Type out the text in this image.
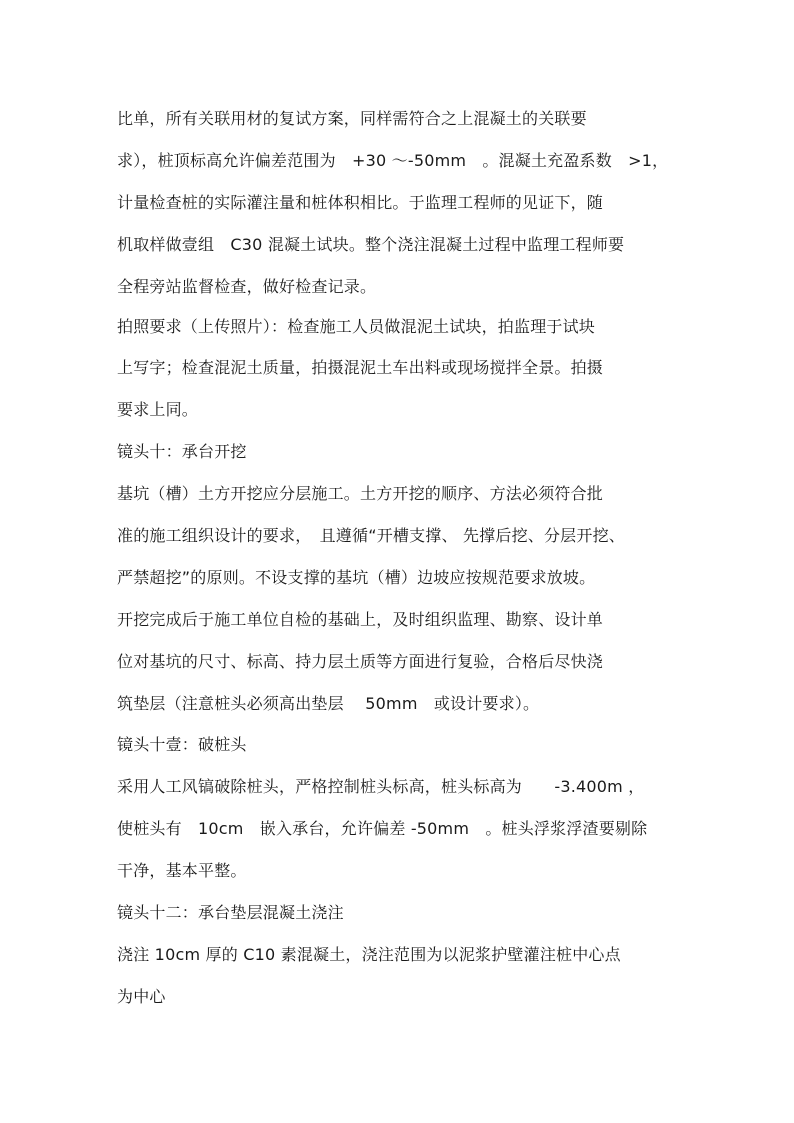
比单，所有关联用材的复试方案，同样需符合之上混凝土的关联要
求），桩顶标高允许偏差范围为　+30 ～-50mm　。混凝土充盈系数　>1，
计量检查桩的实际灌注量和桩体积相比。于监理工程师的见证下，随
机取样做壹组　C30 混凝土试块。整个浇注混凝土过程中监理工程师要
全程旁站监督检查，做好检查记录。
拍照要求（上传照片）：检查施工人员做混泥土试块，拍监理于试块
上写字；检查混泥土质量，拍摄混泥土车出料或现场搅拌全景。拍摄
要求上同。
镜头十：承台开挖
基坑（槽）土方开挖应分层施工。土方开挖的顺序、方法必须符合批
准的施工组织设计的要求，　且遵循“开槽支撑、 先撑后挖、分层开挖、
严禁超挖”的原则。不设支撑的基坑（槽）边坡应按规范要求放坡。
开挖完成后于施工单位自检的基础上，及时组织监理、勘察、设计单
位对基坑的尺寸、标高、持力层土质等方面进行复验，合格后尽快浇
筑垫层（注意桩头必须高出垫层　 50mm　或设计要求）。
镜头十壹：破桩头
采用人工风镐破除桩头，严格控制桩头标高，桩头标高为　　-3.400m ，
使桩头有　10cm　嵌入承台，允许偏差 -50mm　。桩头浮浆浮渣要剔除
干净，基本平整。
镜头十二：承台垫层混凝土浇注
浇注 10cm 厚的 C10 素混凝土，浇注范围为以泥浆护壁灌注桩中心点
为中心
